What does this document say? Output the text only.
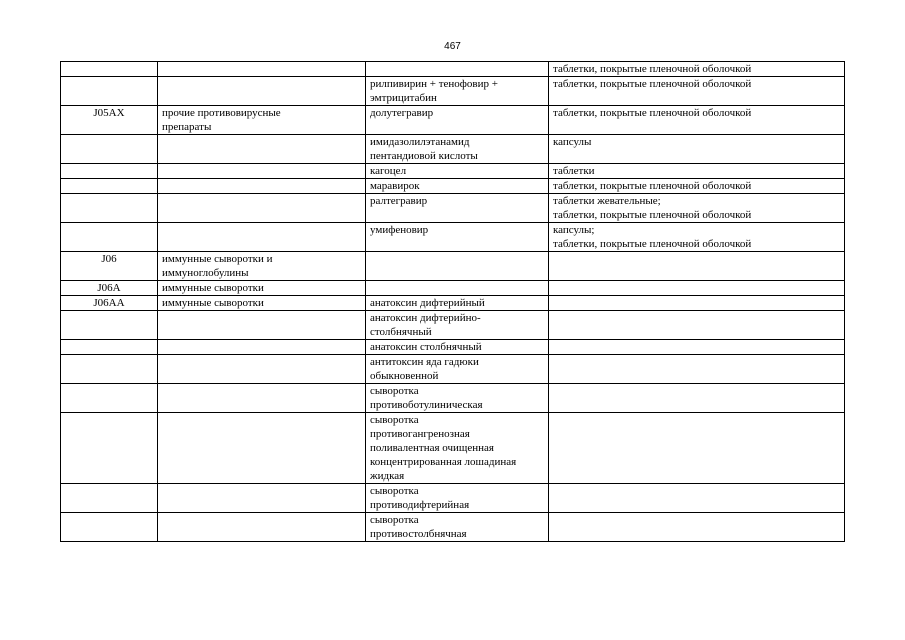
467

			таблетки, покрытые пленочной оболочкой

		рилпивирин + тенофовир +
эмтрицитабин	таблетки, покрытые пленочной оболочкой

J05AX	прочие противовирусные
препараты	долутегравир	таблетки, покрытые пленочной оболочкой

		имидазолилэтанамид
пентандиовой кислоты	капсулы

		кагоцел	таблетки

		маравирок	таблетки, покрытые пленочной оболочкой

		ралтегравир	таблетки жевательные;
таблетки, покрытые пленочной оболочкой

		умифеновир	капсулы;
таблетки, покрытые пленочной оболочкой

J06	иммунные сыворотки и
иммуноглобулины		

J06A	иммунные сыворотки		

J06AA	иммунные сыворотки	анатоксин дифтерийный	

		анатоксин дифтерийно-
столбнячный	

		анатоксин столбнячный	

		антитоксин яда гадюки
обыкновенной	

		сыворотка
противоботулиническая	

		сыворотка
противогангренозная
поливалентная очищенная
концентрированная лошадиная
жидкая	

		сыворотка
противодифтерийная	

		сыворотка
противостолбнячная	
